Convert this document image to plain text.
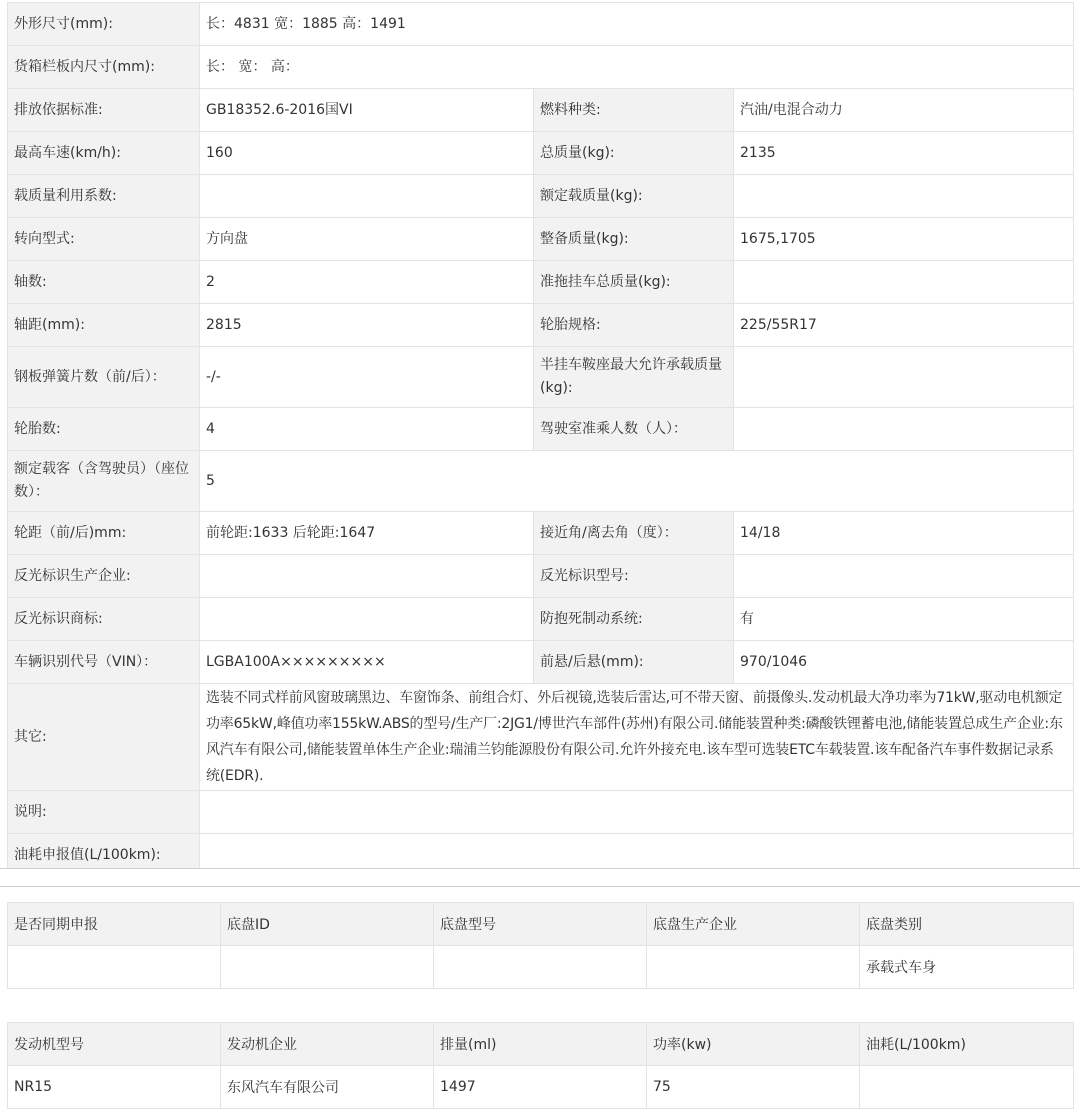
外形尺寸(mm):	长：4831 宽：1885 高：1491		
货箱栏板内尺寸(mm):	长： 宽： 高：		
排放依据标准:	GB18352.6-2016国VI	燃料种类:	汽油/电混合动力
最高车速(km/h):	160	总质量(kg):	2135
载质量利用系数:		额定载质量(kg):	
转向型式:	方向盘	整备质量(kg):	1675,1705
轴数:	2	准拖挂车总质量(kg):	
轴距(mm):	2815	轮胎规格:	225/55R17
钢板弹簧片数（前/后）：	-/-	半挂车鞍座最大允许承载质量(kg):	
轮胎数:	4	驾驶室准乘人数（人）：	
额定载客（含驾驶员）（座位数）：	5		
轮距（前/后)mm:	前轮距:1633 后轮距:1647	接近角/离去角（度）：	14/18
反光标识生产企业:		反光标识型号:	
反光标识商标:		防抱死制动系统:	有
车辆识别代号（VIN）：	LGBA100A×××××××××	前悬/后悬(mm):	970/1046
其它:	选装不同式样前风窗玻璃黑边、车窗饰条、前组合灯、外后视镜,选装后雷达,可不带天窗、前摄像头.发动机最大净功率为71kW,驱动电机额定功率65kW,峰值功率155kW.ABS的型号/生产厂:2JG1/博世汽车部件(苏州)有限公司.储能装置种类:磷酸铁锂蓄电池,储能装置总成生产企业:东风汽车有限公司,储能装置单体生产企业:瑞浦兰钧能源股份有限公司.允许外接充电.该车型可选装ETC车载装置.该车配备汽车事件数据记录系统(EDR).		
说明:			
油耗申报值(L/100km):			
是否同期申报	底盘ID	底盘型号	底盘生产企业	底盘类别
				承载式车身
发动机型号	发动机企业	排量(ml)	功率(kw)	油耗(L/100km)
NR15	东风汽车有限公司	1497	75	
